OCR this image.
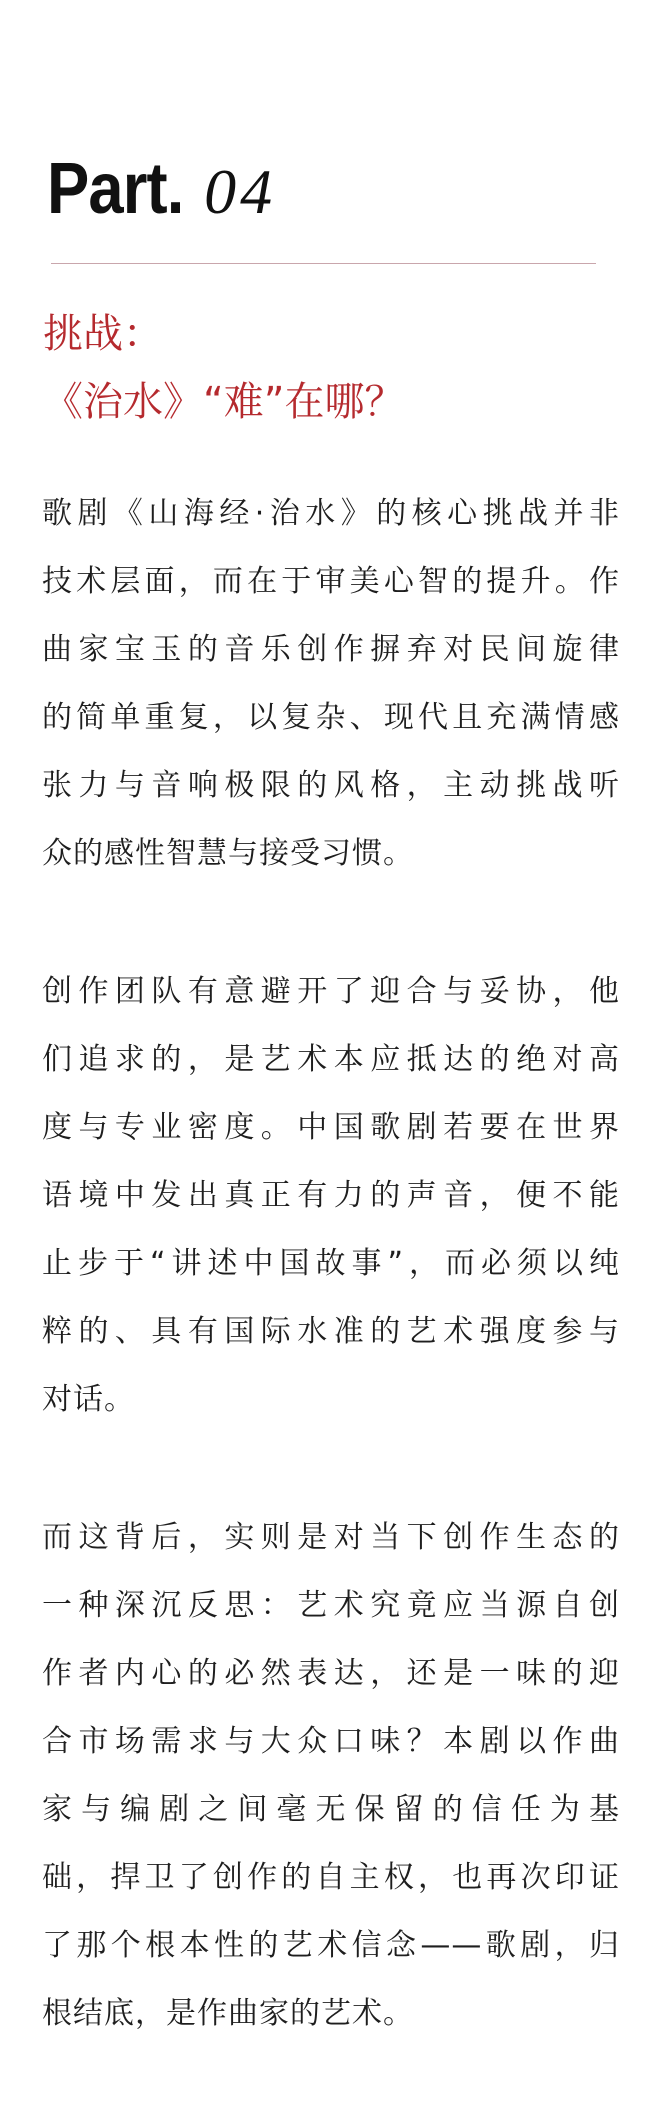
Part. 04
挑战：
《治水》“难”在哪？
歌剧《山海经·治水》的核心挑战并非
技术层面，而在于审美心智的提升。作
曲家宝玉的音乐创作摒弃对民间旋律
的简单重复，以复杂、现代且充满情感
张力与音响极限的风格，主动挑战听
众的感性智慧与接受习惯。
创作团队有意避开了迎合与妥协，他
们追求的，是艺术本应抵达的绝对高
度与专业密度。中国歌剧若要在世界
语境中发出真正有力的声音，便不能
止步于“讲述中国故事”，而必须以纯
粹的、具有国际水准的艺术强度参与
对话。
而这背后，实则是对当下创作生态的
一种深沉反思：艺术究竟应当源自创
作者内心的必然表达，还是一味的迎
合市场需求与大众口味？本剧以作曲
家与编剧之间毫无保留的信任为基
础，捍卫了创作的自主权，也再次印证
了那个根本性的艺术信念——歌剧，归
根结底，是作曲家的艺术。
